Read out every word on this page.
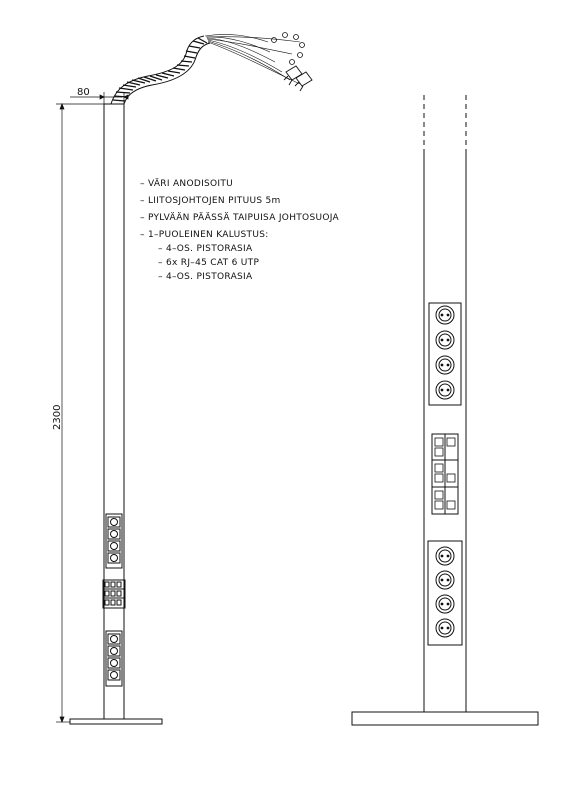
80
2300
– VÄRI ANODISOITU
– LIITOSJOHTOJEN PITUUS 5m
– PYLVÄÄN PÄÄSSÄ TAIPUISA JOHTOSUOJA
– 1–PUOLEINEN KALUSTUS:
– 4–OS. PISTORASIA
– 6x RJ–45 CAT 6 UTP
– 4–OS. PISTORASIA
